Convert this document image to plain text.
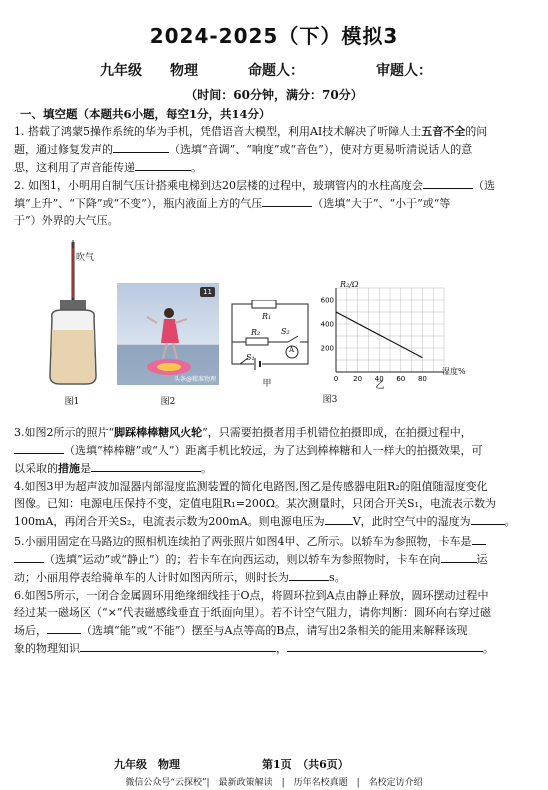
2024-2025（下）模拟3
九年级 物理	命题人：	审题人：
（时间：60分钟，满分：70分）
一、填空题（本题共6小题，每空1分，共14分）
1. 搭载了鸿蒙5操作系统的华为手机，凭借语音大模型，利用AI技术解决了听障人士五音不全的问
题，通过修复发声的	（选填“音调”、“响度”或“音色”），使对方更易听清说话人的意
思，这利用了声音能传递	。
2. 如图1，小明用自制气压计搭乘电梯到达20层楼的过程中，玻璃管内的水柱高度会	（选
填“上升”、“下降”或“不变”），瓶内液面上方的气压	（选填“大于”、“小于”或“等
于”）外界的大气压。
吹气
图1
11
头条@精准物理
图2
R₁
S₂
R₂
S₁
A
甲	0 20 40 60 80
200
400
600
R₂/Ω
湿度%
乙
图3
3.如图2所示的照片“脚踩棒棒糖风火轮”，只需要拍摄者用手机错位拍摄即成，在拍摄过程中，
（选填“棒棒糖”或“人”）距离手机比较远，为了达到棒棒糖和人一样大的拍摄效果，可
以采取的措施是	。
4.如图3甲为超声波加湿器内部湿度监测装置的简化电路图,图乙是传感器电阻R₂的阻值随湿度变化
图像。已知：电源电压保持不变，定值电阻R₁=200Ω。某次测量时，只闭合开关S₁，电流表示数为
100mA，再闭合开关S₂，电流表示数为200mA。则电源电压为	V，此时空气中的湿度为	。
5.小丽用固定在马路边的照相机连续拍了两张照片如图4甲、乙所示。以轿车为参照物，卡车是
（选填“运动”或“静止”）的；若卡车在向西运动，则以轿车为参照物时，卡车在向	运
动；小丽用停表给骑单车的人计时如图丙所示，则时长为	s。
6.如图5所示，一闭合金属圆环用绝缘细线挂于O点，将圆环拉到A点由静止释放，圆环摆动过程中
经过某一磁场区（“×”代表磁感线垂直于纸面向里）。若不计空气阻力，请你判断：圆环向右穿过磁
场后，	（选填“能”或“不能”）摆至与A点等高的B点，请写出2条相关的能用来解释该现
象的物理知识	，	。
九年级　物理	第1页　（共6页）
微信公众号“云探校”|　最新政策解读　|　历年名校真题　|　名校定访介绍
